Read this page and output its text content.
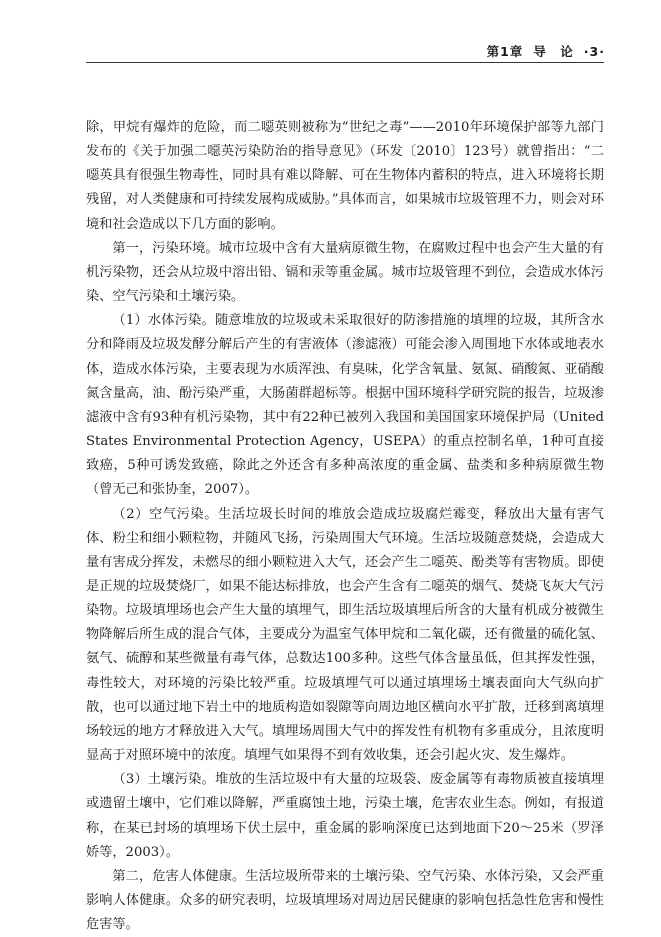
第1章 导　论 ·3·

除，甲烷有爆炸的危险，而二噁英则被称为“世纪之毒”——2010年环境保护部等九部门发布的《关于加强二噁英污染防治的指导意见》（环发〔2010〕123号）就曾指出：“二噁英具有很强生物毒性，同时具有难以降解、可在生物体内蓄积的特点，进入环境将长期残留，对人类健康和可持续发展构成威胁。”具体而言，如果城市垃圾管理不力，则会对环境和社会造成以下几方面的影响。

第一，污染环境。城市垃圾中含有大量病原微生物，在腐败过程中也会产生大量的有机污染物，还会从垃圾中溶出铅、镉和汞等重金属。城市垃圾管理不到位，会造成水体污染、空气污染和土壤污染。

（1）水体污染。随意堆放的垃圾或未采取很好的防渗措施的填埋的垃圾，其所含水分和降雨及垃圾发酵分解后产生的有害液体（渗滤液）可能会渗入周围地下水体或地表水体，造成水体污染，主要表现为水质浑浊、有臭味，化学含氧量、氨氮、硝酸氮、亚硝酸氮含量高，油、酚污染严重，大肠菌群超标等。根据中国环境科学研究院的报告，垃圾渗滤液中含有93种有机污染物，其中有22种已被列入我国和美国国家环境保护局（United States Environmental Protection Agency，USEPA）的重点控制名单，1种可直接致癌，5种可诱发致癌，除此之外还含有多种高浓度的重金属、盐类和多种病原微生物（曾无己和张协奎，2007）。

（2）空气污染。生活垃圾长时间的堆放会造成垃圾腐烂霉变，释放出大量有害气体、粉尘和细小颗粒物，并随风飞扬，污染周围大气环境。生活垃圾随意焚烧，会造成大量有害成分挥发，未燃尽的细小颗粒进入大气，还会产生二噁英、酚类等有害物质。即使是正规的垃圾焚烧厂，如果不能达标排放，也会产生含有二噁英的烟气、焚烧飞灰大气污染物。垃圾填埋场也会产生大量的填埋气，即生活垃圾填埋后所含的大量有机成分被微生物降解后所生成的混合气体，主要成分为温室气体甲烷和二氧化碳，还有微量的硫化氢、氨气、硫醇和某些微量有毒气体，总数达100多种。这些气体含量虽低，但其挥发性强，毒性较大，对环境的污染比较严重。垃圾填埋气可以通过填埋场土壤表面向大气纵向扩散，也可以通过地下岩土中的地质构造如裂隙等向周边地区横向水平扩散，迁移到离填埋场较远的地方才释放进入大气。填埋场周围大气中的挥发性有机物有多重成分，且浓度明显高于对照环境中的浓度。填埋气如果得不到有效收集，还会引起火灾、发生爆炸。

（3）土壤污染。堆放的生活垃圾中有大量的垃圾袋、废金属等有毒物质被直接填埋或遗留土壤中，它们难以降解，严重腐蚀土地，污染土壤，危害农业生态。例如，有报道称，在某已封场的填埋场下伏土层中，重金属的影响深度已达到地面下20～25米（罗泽娇等，2003）。

第二，危害人体健康。生活垃圾所带来的土壤污染、空气污染、水体污染，又会严重影响人体健康。众多的研究表明，垃圾填埋场对周边居民健康的影响包括急性危害和慢性危害等。
